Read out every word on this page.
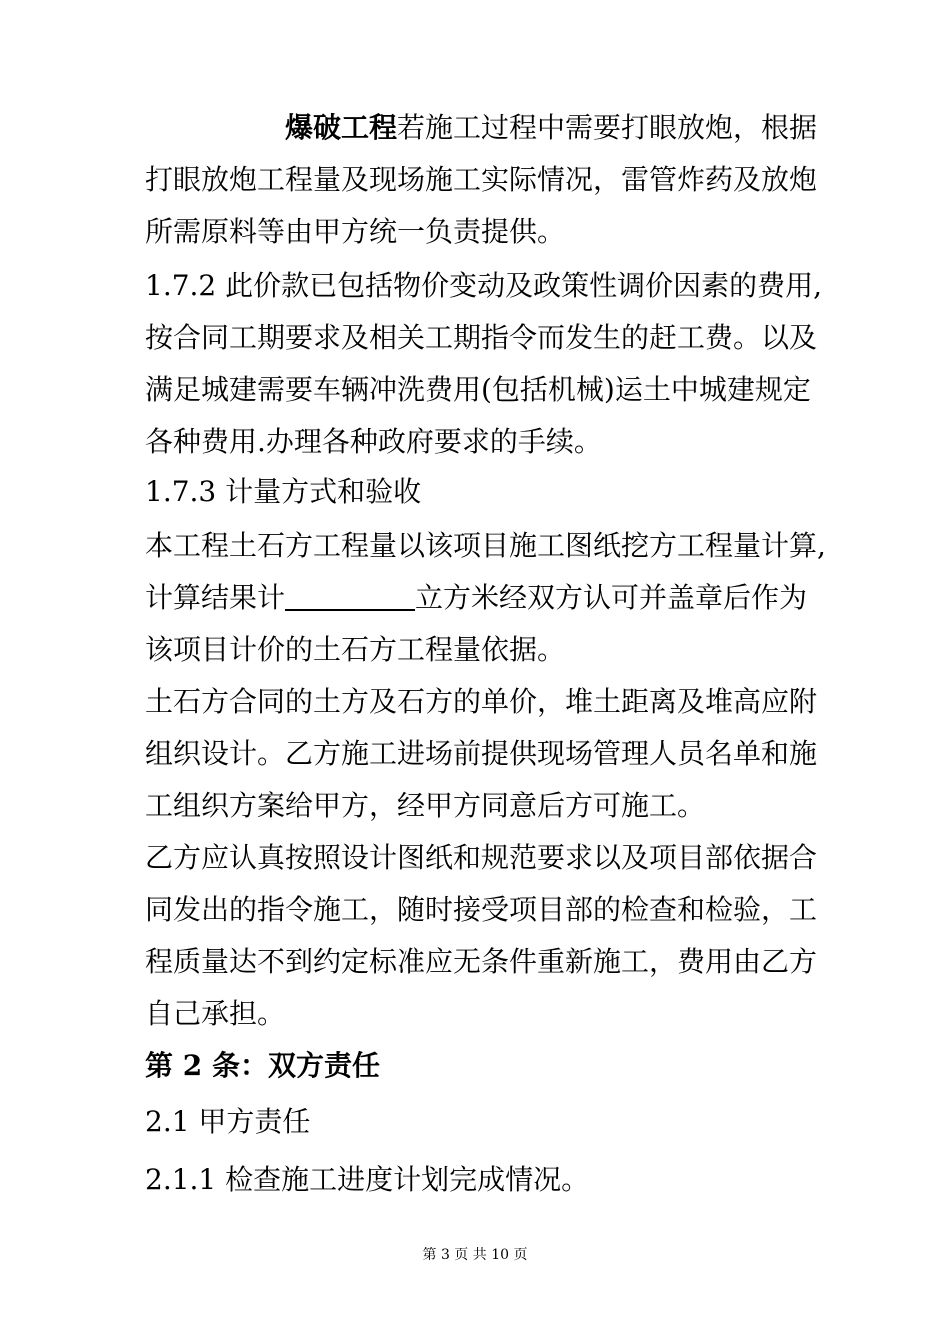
爆破工程若施工过程中需要打眼放炮，根据
打眼放炮工程量及现场施工实际情况，雷管炸药及放炮
所需原料等由甲方统一负责提供。
1.7.2 此价款已包括物价变动及政策性调价因素的费用,
按合同工期要求及相关工期指令而发生的赶工费。以及
满足城建需要车辆冲洗费用(包括机械)运土中城建规定
各种费用.办理各种政府要求的手续。
1.7.3 计量方式和验收
本工程土石方工程量以该项目施工图纸挖方工程量计算,
计算结果计	立方米经双方认可并盖章后作为
该项目计价的土石方工程量依据。
土石方合同的土方及石方的单价，堆土距离及堆高应附
组织设计。乙方施工进场前提供现场管理人员名单和施
工组织方案给甲方，经甲方同意后方可施工。
乙方应认真按照设计图纸和规范要求以及项目部依据合
同发出的指令施工，随时接受项目部的检查和检验，工
程质量达不到约定标准应无条件重新施工，费用由乙方
自己承担。
第 2 条：双方责任
2.1 甲方责任
2.1.1 检查施工进度计划完成情况。
第 3 页 共 10 页
